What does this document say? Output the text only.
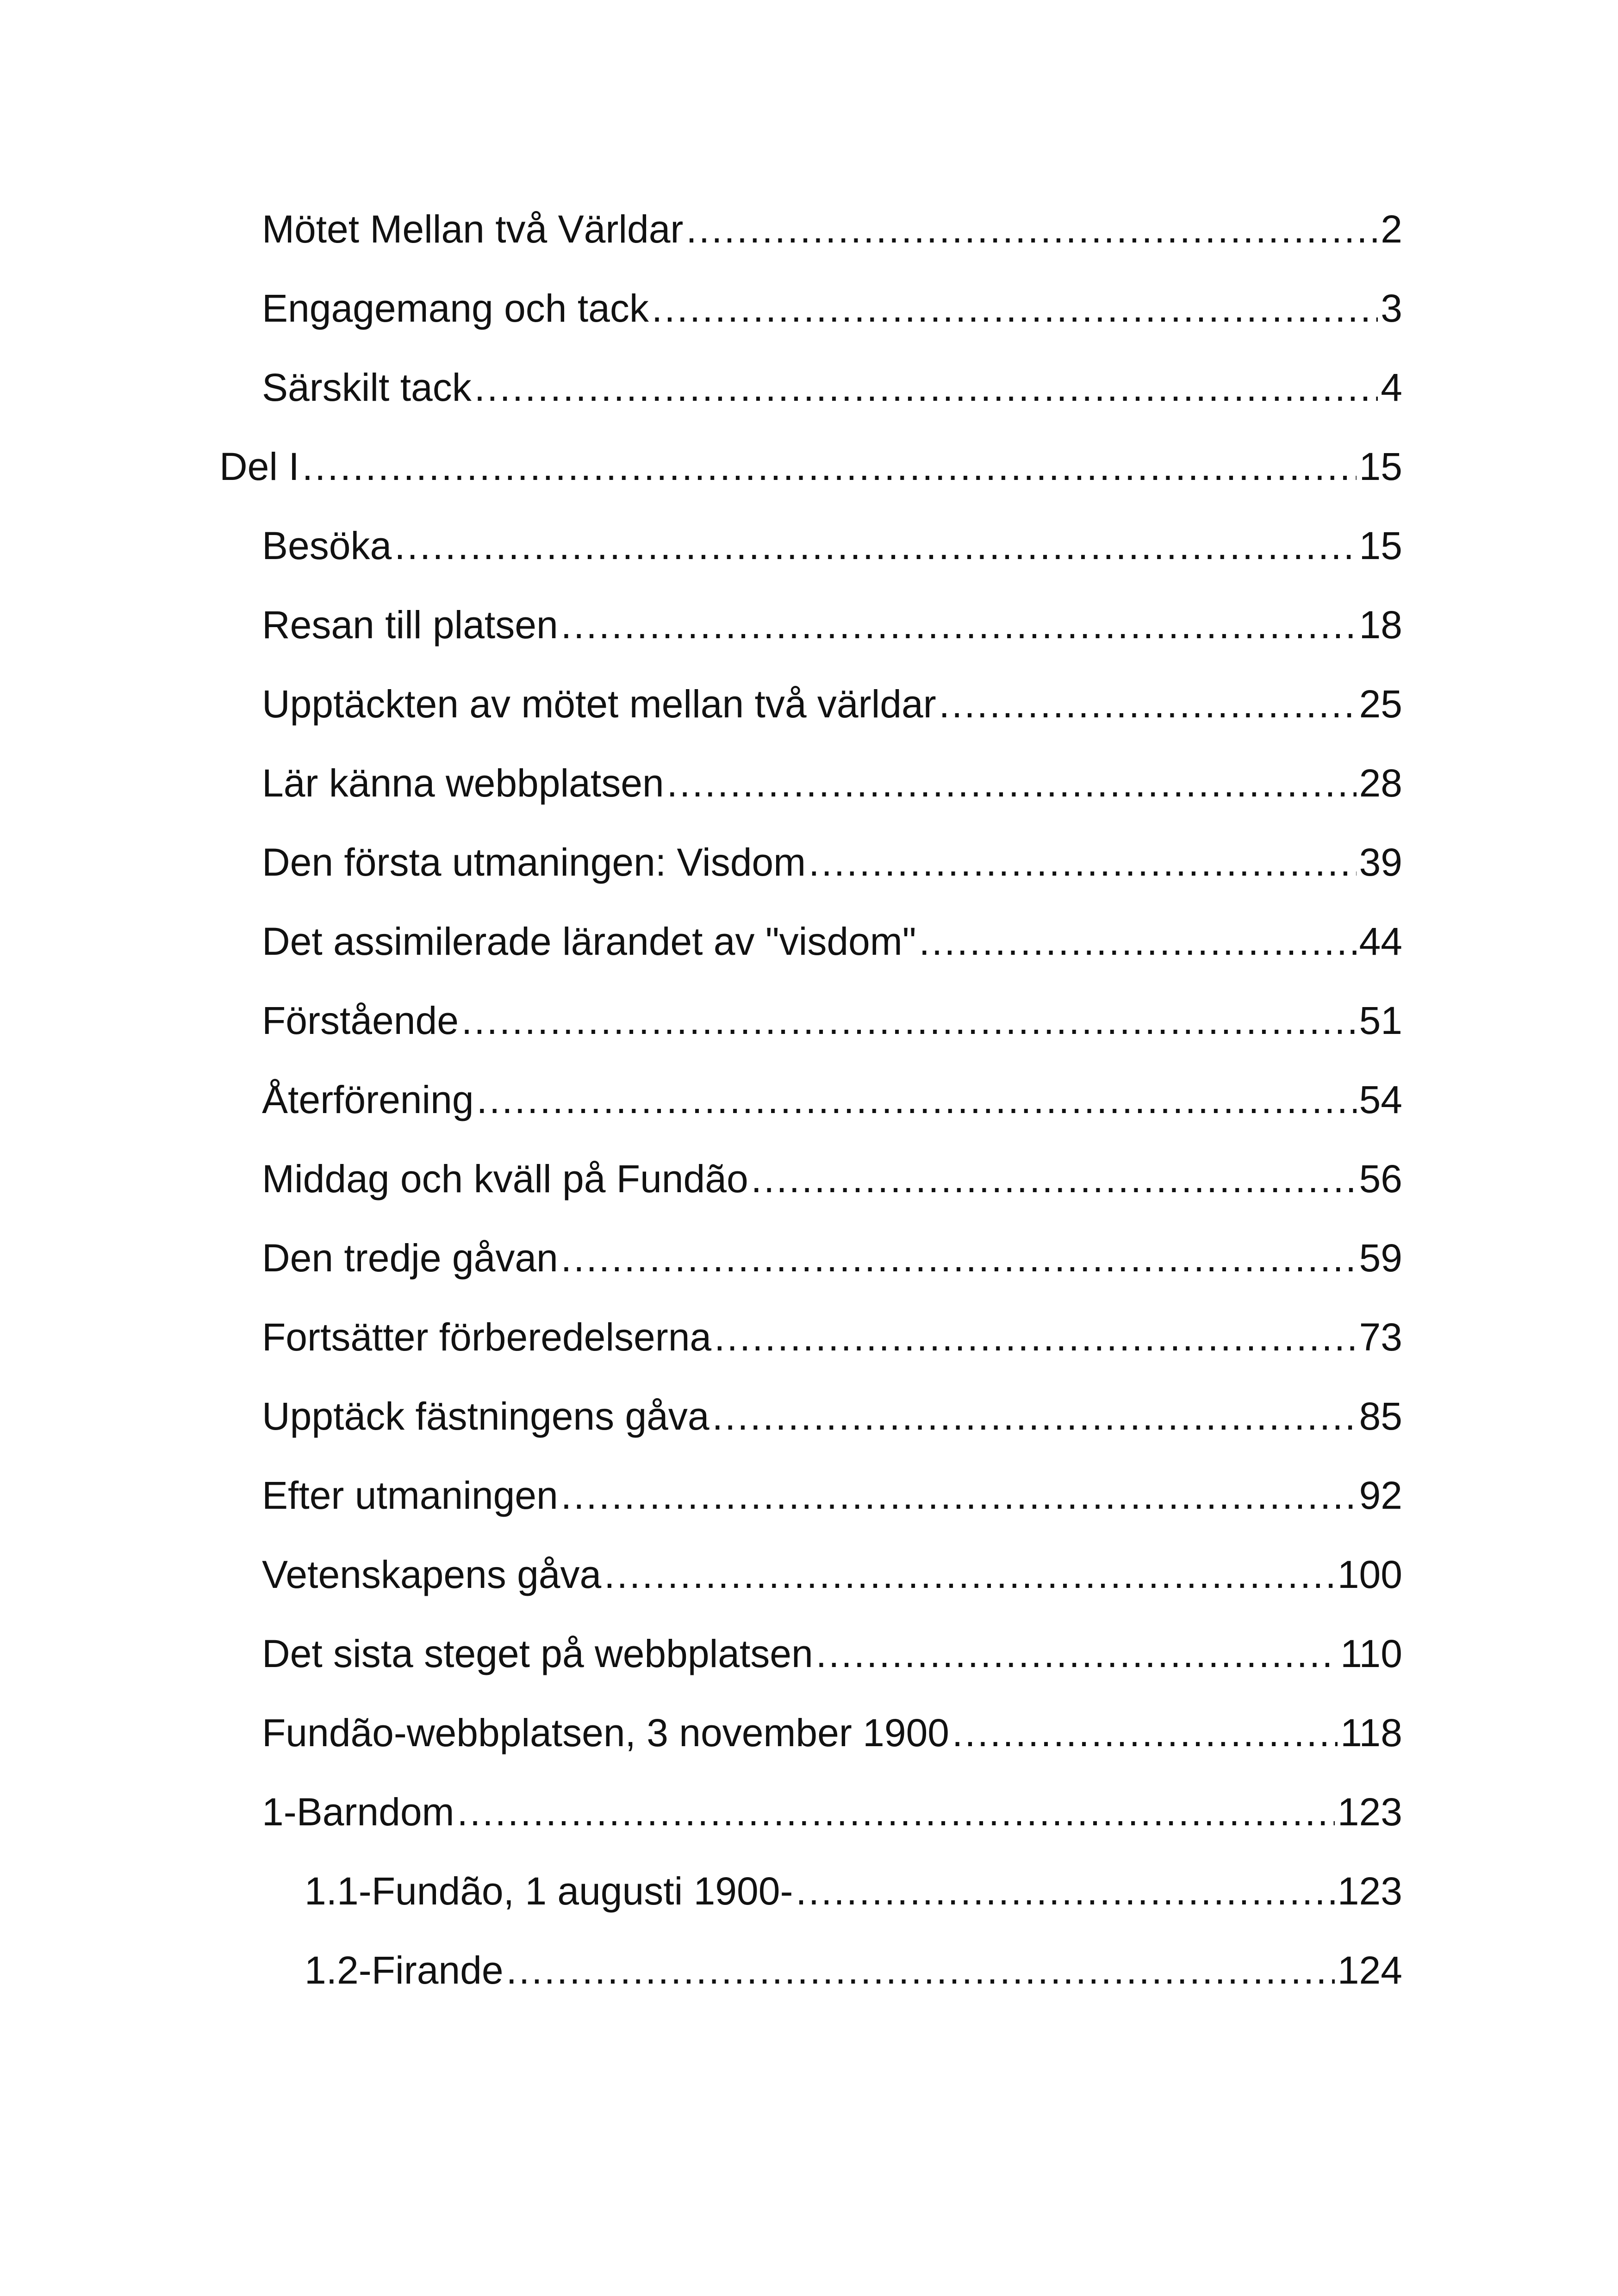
Mötet Mellan två Världar .....	2
Engagemang och tack .....	3
Särskilt tack .....	4
Del I .....	15
Besöka .....	15
Resan till platsen .....	18
Upptäckten av mötet mellan två världar .....	25
Lär känna webbplatsen .....	28
Den första utmaningen: Visdom .....	39
Det assimilerade lärandet av "visdom" .....	44
Förstående .....	51
Återförening .....	54
Middag och kväll på Fundão .....	56
Den tredje gåvan .....	59
Fortsätter förberedelserna .....	73
Upptäck fästningens gåva .....	85
Efter utmaningen .....	92
Vetenskapens gåva .....	100
Det sista steget på webbplatsen .....	110
Fundão-webbplatsen, 3 november 1900 .....	118
1-Barndom .....	123
1.1-Fundão, 1 augusti 1900- .....	123
1.2-Firande .....	124
